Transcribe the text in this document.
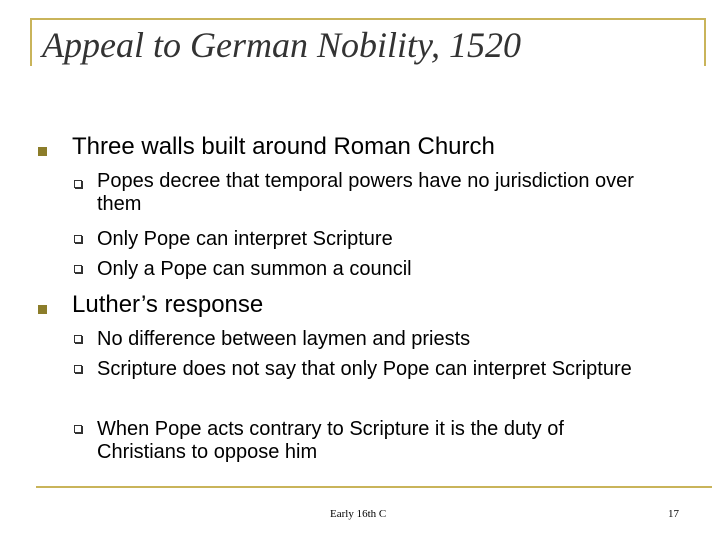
Appeal to German Nobility, 1520
Three walls built around Roman Church
Popes decree that temporal powers have no jurisdiction over them
Only Pope can interpret Scripture
Only a Pope can summon a council
Luther’s response
No difference between laymen and priests
Scripture does not say that only Pope can interpret Scripture
When Pope acts contrary to Scripture it is the duty of Christians to oppose him
Early 16th C	17
